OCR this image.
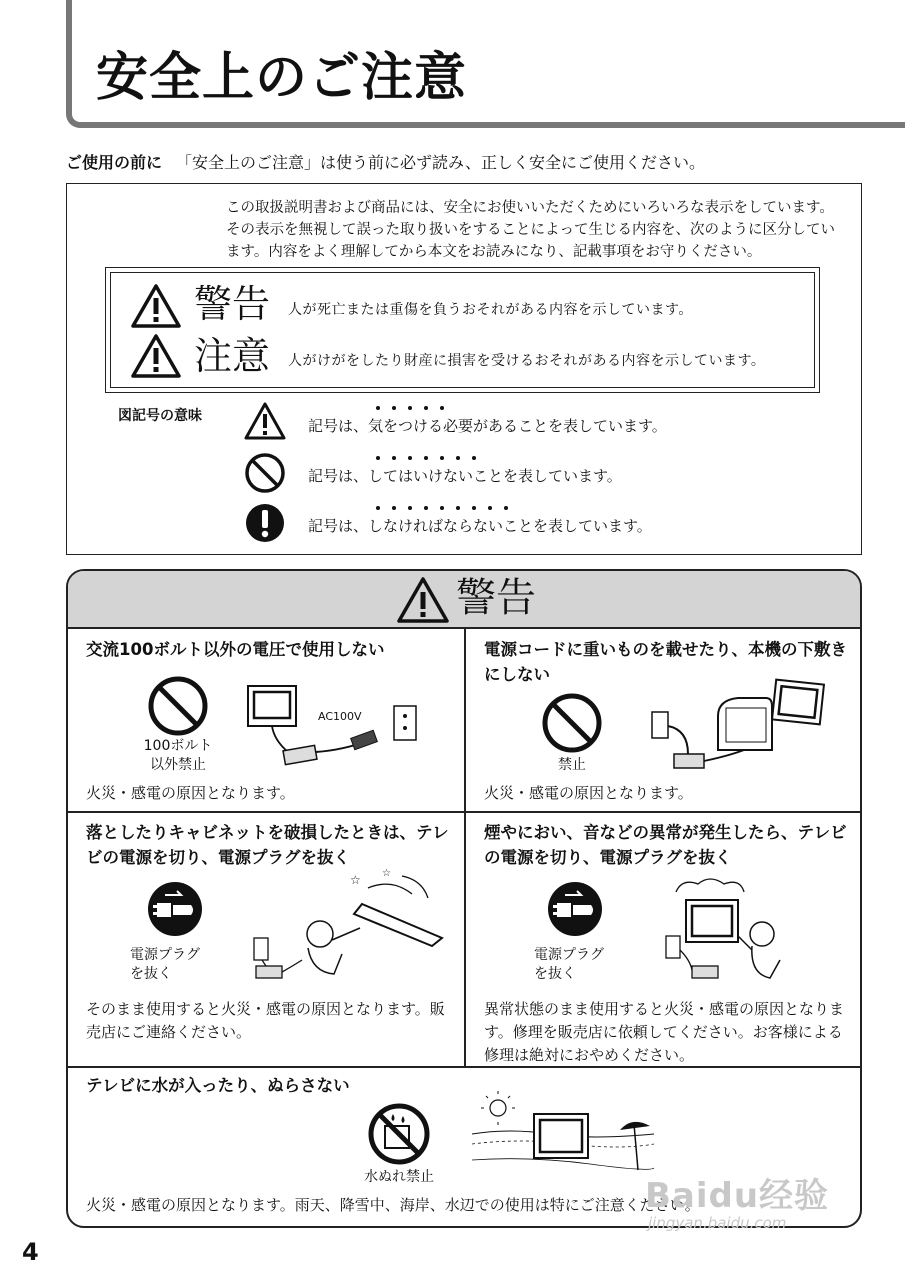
安全上のご注意
ご使用の前に 「安全上のご注意」は使う前に必ず読み、正しく安全にご使用ください。
この取扱説明書および商品には、安全にお使いいただくためにいろいろな表示をしています。その表示を無視して誤った取り扱いをすることによって生じる内容を、次のように区分しています。内容をよく理解してから本文をお読みになり、記載事項をお守りください。
警告 人が死亡または重傷を負うおそれがある内容を示しています。
注意 人がけがをしたり財産に損害を受けるおそれがある内容を示しています。
図記号の意味
記号は、気をつける必要があることを表しています。
記号は、してはいけないことを表しています。
記号は、しなければならないことを表しています。
警告
交流100ボルト以外の電圧で使用しない
100ボルト
以外禁止
AC100V
火災・感電の原因となります。
電源コードに重いものを載せたり、本機の下敷きにしない
禁止
火災・感電の原因となります。
落としたりキャビネットを破損したときは、テレビの電源を切り、電源プラグを抜く
電源プラグ
を抜く
☆ ☆
そのまま使用すると火災・感電の原因となります。販売店にご連絡ください。
煙やにおい、音などの異常が発生したら、テレビの電源を切り、電源プラグを抜く
電源プラグ
を抜く
異常状態のまま使用すると火災・感電の原因となります。修理を販売店に依頼してください。お客様による修理は絶対におやめください。
テレビに水が入ったり、ぬらさない
水ぬれ禁止
火災・感電の原因となります。雨天、降雪中、海岸、水辺での使用は特にご注意ください。
Baidu经验
jingyan.baidu.com
4
